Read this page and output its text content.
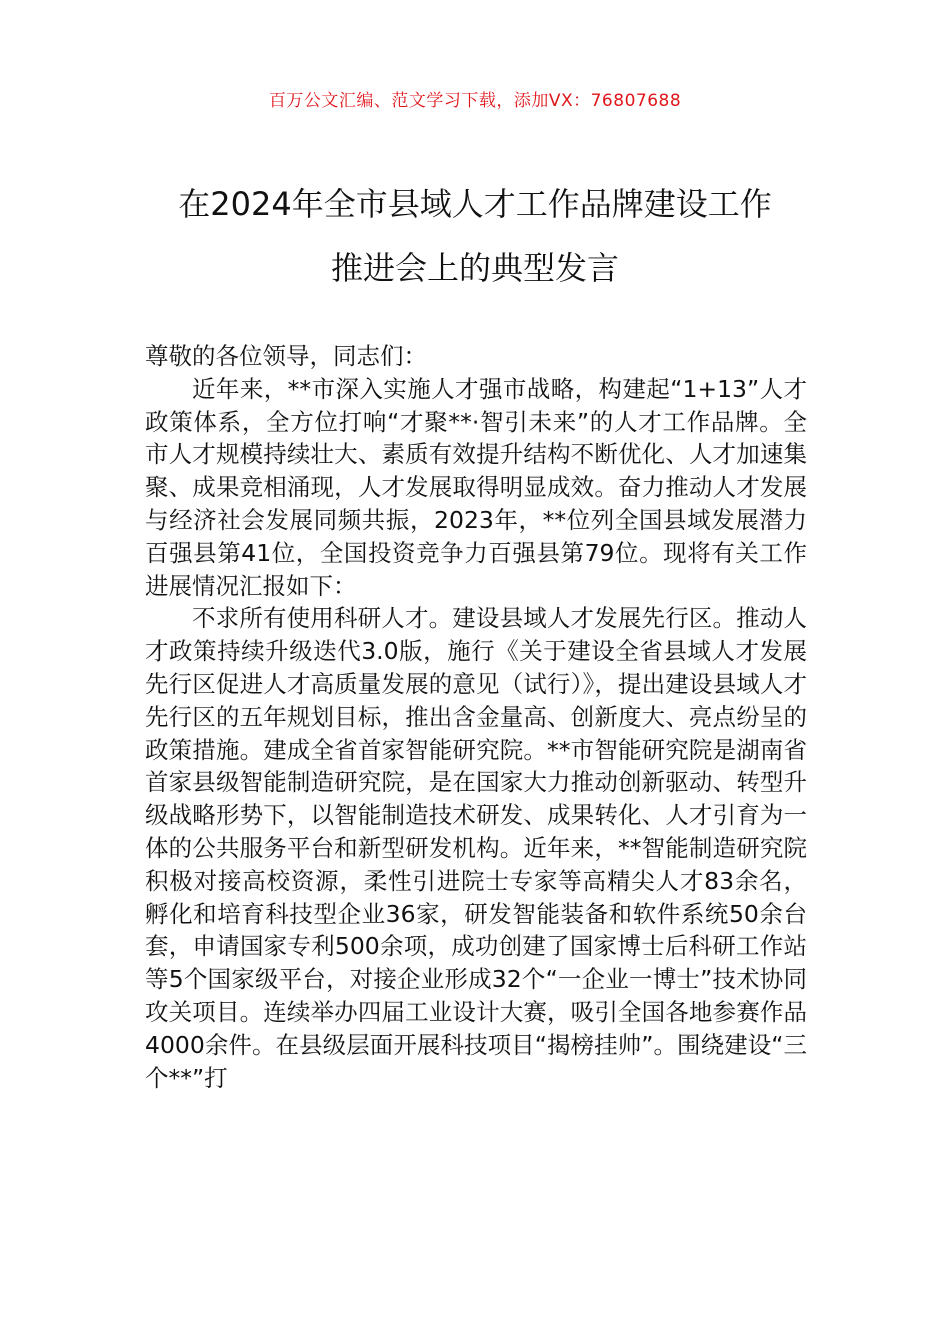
百万公文汇编、范文学习下载，添加VX：76807688
在2024年全市县域人才工作品牌建设工作
推进会上的典型发言

尊敬的各位领导，同志们：

近年来，**市深入实施人才强市战略，构建起“1+13”人才政策体系，全方位打响“才聚**·智引未来”的人才工作品牌。全市人才规模持续壮大、素质有效提升结构不断优化、人才加速集聚、成果竞相涌现，人才发展取得明显成效。奋力推动人才发展与经济社会发展同频共振，2023年，**位列全国县域发展潜力百强县第41位，全国投资竞争力百强县第79位。现将有关工作进展情况汇报如下：

不求所有使用科研人才。建设县域人才发展先行区。推动人才政策持续升级迭代3.0版，施行《关于建设全省县域人才发展先行区促进人才高质量发展的意见（试行）》，提出建设县域人才先行区的五年规划目标，推出含金量高、创新度大、亮点纷呈的政策措施。建成全省首家智能研究院。**市智能研究院是湖南省首家县级智能制造研究院，是在国家大力推动创新驱动、转型升级战略形势下，以智能制造技术研发、成果转化、人才引育为一体的公共服务平台和新型研发机构。近年来，**智能制造研究院积极对接高校资源，柔性引进院士专家等高精尖人才83余名，孵化和培育科技型企业36家，研发智能装备和软件系统50余台套，申请国家专利500余项，成功创建了国家博士后科研工作站等5个国家级平台，对接企业形成32个“一企业一博士”技术协同攻关项目。连续举办四届工业设计大赛，吸引全国各地参赛作品4000余件。在县级层面开展科技项目“揭榜挂帅”。围绕建设“三个**”打
